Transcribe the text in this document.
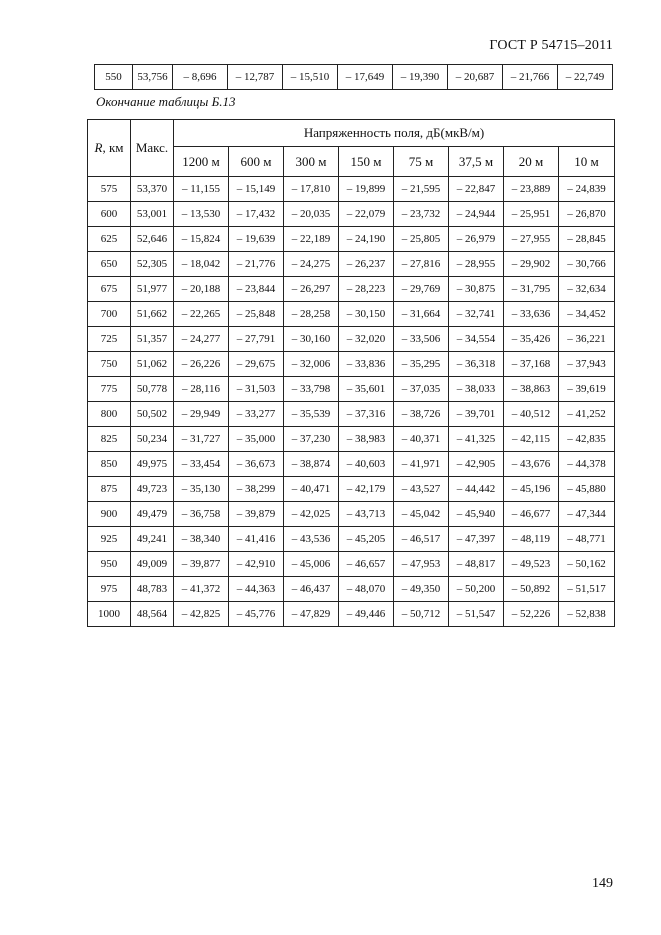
ГОСТ Р 54715–2011
550	53,756	– 8,696	– 12,787	– 15,510	– 17,649	– 19,390	– 20,687	– 21,766	– 22,749
Окончание таблицы Б.13
R, км	Макс.	Напряженность поля, дБ(мкВ/м)							
		1200 м	600 м	300 м	150 м	75 м	37,5 м	20 м	10 м
575	53,370	– 11,155	– 15,149	– 17,810	– 19,899	– 21,595	– 22,847	– 23,889	– 24,839
600	53,001	– 13,530	– 17,432	– 20,035	– 22,079	– 23,732	– 24,944	– 25,951	– 26,870
625	52,646	– 15,824	– 19,639	– 22,189	– 24,190	– 25,805	– 26,979	– 27,955	– 28,845
650	52,305	– 18,042	– 21,776	– 24,275	– 26,237	– 27,816	– 28,955	– 29,902	– 30,766
675	51,977	– 20,188	– 23,844	– 26,297	– 28,223	– 29,769	– 30,875	– 31,795	– 32,634
700	51,662	– 22,265	– 25,848	– 28,258	– 30,150	– 31,664	– 32,741	– 33,636	– 34,452
725	51,357	– 24,277	– 27,791	– 30,160	– 32,020	– 33,506	– 34,554	– 35,426	– 36,221
750	51,062	– 26,226	– 29,675	– 32,006	– 33,836	– 35,295	– 36,318	– 37,168	– 37,943
775	50,778	– 28,116	– 31,503	– 33,798	– 35,601	– 37,035	– 38,033	– 38,863	– 39,619
800	50,502	– 29,949	– 33,277	– 35,539	– 37,316	– 38,726	– 39,701	– 40,512	– 41,252
825	50,234	– 31,727	– 35,000	– 37,230	– 38,983	– 40,371	– 41,325	– 42,115	– 42,835
850	49,975	– 33,454	– 36,673	– 38,874	– 40,603	– 41,971	– 42,905	– 43,676	– 44,378
875	49,723	– 35,130	– 38,299	– 40,471	– 42,179	– 43,527	– 44,442	– 45,196	– 45,880
900	49,479	– 36,758	– 39,879	– 42,025	– 43,713	– 45,042	– 45,940	– 46,677	– 47,344
925	49,241	– 38,340	– 41,416	– 43,536	– 45,205	– 46,517	– 47,397	– 48,119	– 48,771
950	49,009	– 39,877	– 42,910	– 45,006	– 46,657	– 47,953	– 48,817	– 49,523	– 50,162
975	48,783	– 41,372	– 44,363	– 46,437	– 48,070	– 49,350	– 50,200	– 50,892	– 51,517
1000	48,564	– 42,825	– 45,776	– 47,829	– 49,446	– 50,712	– 51,547	– 52,226	– 52,838
149
